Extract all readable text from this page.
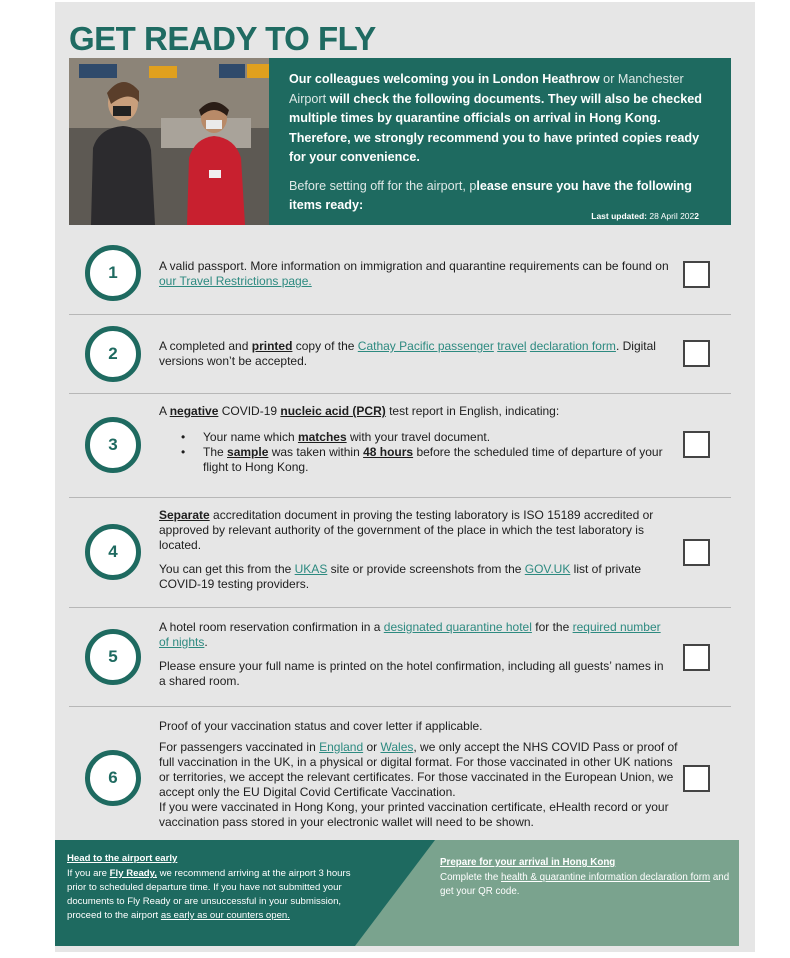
GET READY TO FLY

Our colleagues welcoming you in London Heathrow or Manchester Airport will check the following documents. They will also be checked multiple times by quarantine officials on arrival in Hong Kong. Therefore, we strongly recommend you to have printed copies ready for your convenience.

Before setting off for the airport, please ensure you have the following items ready:

Last updated: 28 April 2022
1	A valid passport. More information on immigration and quarantine requirements can be found on our Travel Restrictions page.
2	A completed and printed copy of the Cathay Pacific passenger travel declaration form. Digital versions won’t be accepted.
3
A negative COVID-19 nucleic acid (PCR) test report in English, indicating:
• Your name which matches with your travel document.
• The sample was taken within 48 hours before the scheduled time of departure of your flight to Hong Kong.
4

Separate accreditation document in proving the testing laboratory is ISO 15189 accredited or approved by relevant authority of the government of the place in which the test laboratory is located.

You can get this from the UKAS site or provide screenshots from the GOV.UK list of private COVID-19 testing providers.

5

A hotel room reservation confirmation in a designated quarantine hotel for the required number of nights.

Please ensure your full name is printed on the hotel confirmation, including all guests’ names in a shared room.

6

Proof of your vaccination status and cover letter if applicable.

For passengers vaccinated in England or Wales, we only accept the NHS COVID Pass or proof of full vaccination in the UK, in a physical or digital format. For those vaccinated in other UK nations or territories, we accept the relevant certificates. For those vaccinated in the European Union, we accept only the EU Digital Covid Certificate Vaccination.

If you were vaccinated in Hong Kong, your printed vaccination certificate, eHealth record or your vaccination pass stored in your electronic wallet will need to be shown.

Head to the airport early
If you are Fly Ready, we recommend arriving at the airport 3 hours prior to scheduled departure time. If you have not submitted your documents to Fly Ready or are unsuccessful in your submission, proceed to the airport as early as our counters open.
Prepare for your arrival in Hong Kong
Complete the health & quarantine information declaration form and get your QR code.
